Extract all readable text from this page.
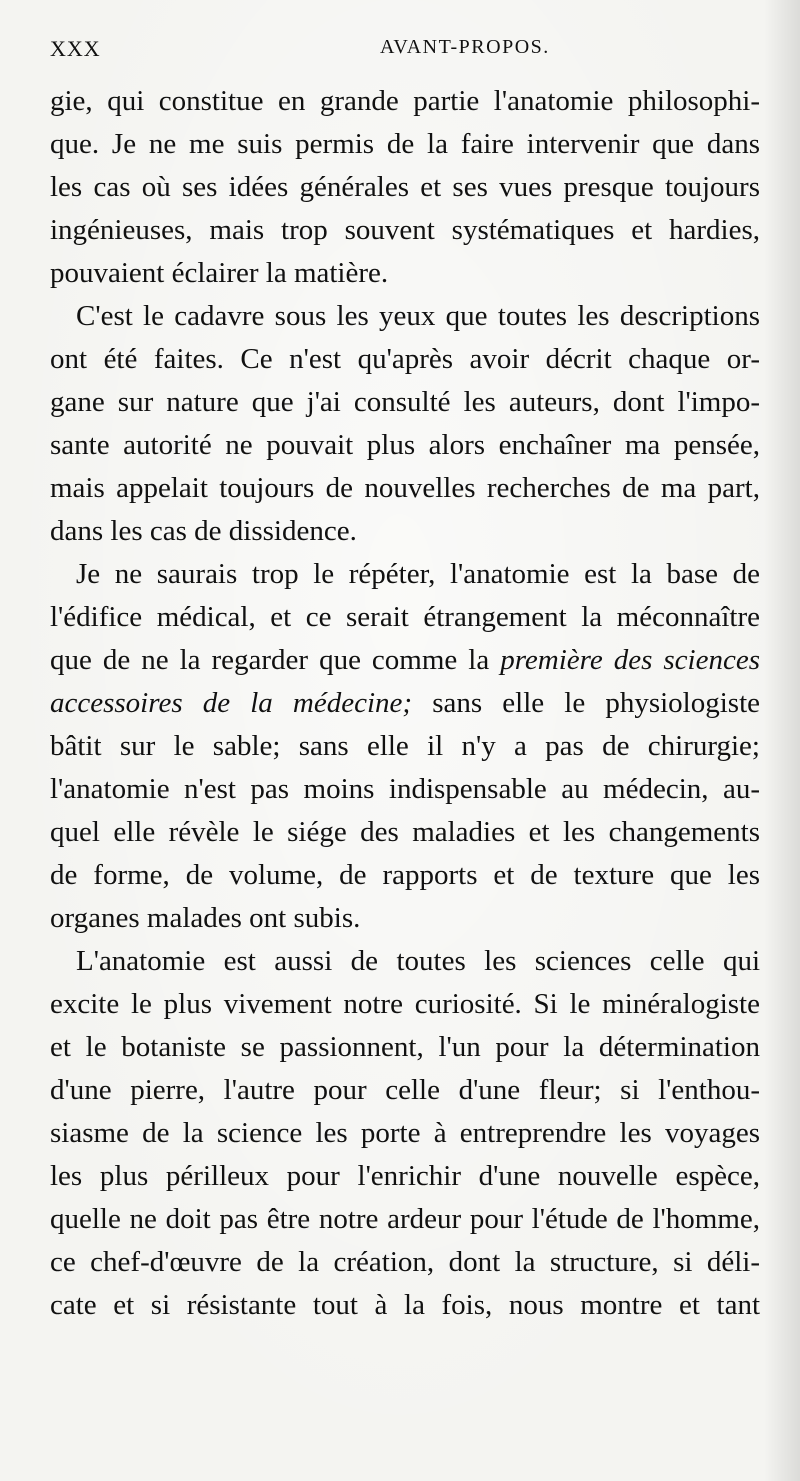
XXX	AVANT-PROPOS.
gie, qui constitue en grande partie l'anatomie philosophi-
que. Je ne me suis permis de la faire intervenir que dans
les cas où ses idées générales et ses vues presque toujours
ingénieuses, mais trop souvent systématiques et hardies,
pouvaient éclairer la matière.
C'est le cadavre sous les yeux que toutes les descriptions
ont été faites. Ce n'est qu'après avoir décrit chaque or-
gane sur nature que j'ai consulté les auteurs, dont l'impo-
sante autorité ne pouvait plus alors enchaîner ma pensée,
mais appelait toujours de nouvelles recherches de ma part,
dans les cas de dissidence.
Je ne saurais trop le répéter, l'anatomie est la base de
l'édifice médical, et ce serait étrangement la méconnaître
que de ne la regarder que comme la première des sciences
accessoires de la médecine; sans elle le physiologiste
bâtit sur le sable; sans elle il n'y a pas de chirurgie;
l'anatomie n'est pas moins indispensable au médecin, au-
quel elle révèle le siége des maladies et les changements
de forme, de volume, de rapports et de texture que les
organes malades ont subis.
L'anatomie est aussi de toutes les sciences celle qui
excite le plus vivement notre curiosité. Si le minéralogiste
et le botaniste se passionnent, l'un pour la détermination
d'une pierre, l'autre pour celle d'une fleur; si l'enthou-
siasme de la science les porte à entreprendre les voyages
les plus périlleux pour l'enrichir d'une nouvelle espèce,
quelle ne doit pas être notre ardeur pour l'étude de l'homme,
ce chef-d'œuvre de la création, dont la structure, si déli-
cate et si résistante tout à la fois, nous montre et tant
